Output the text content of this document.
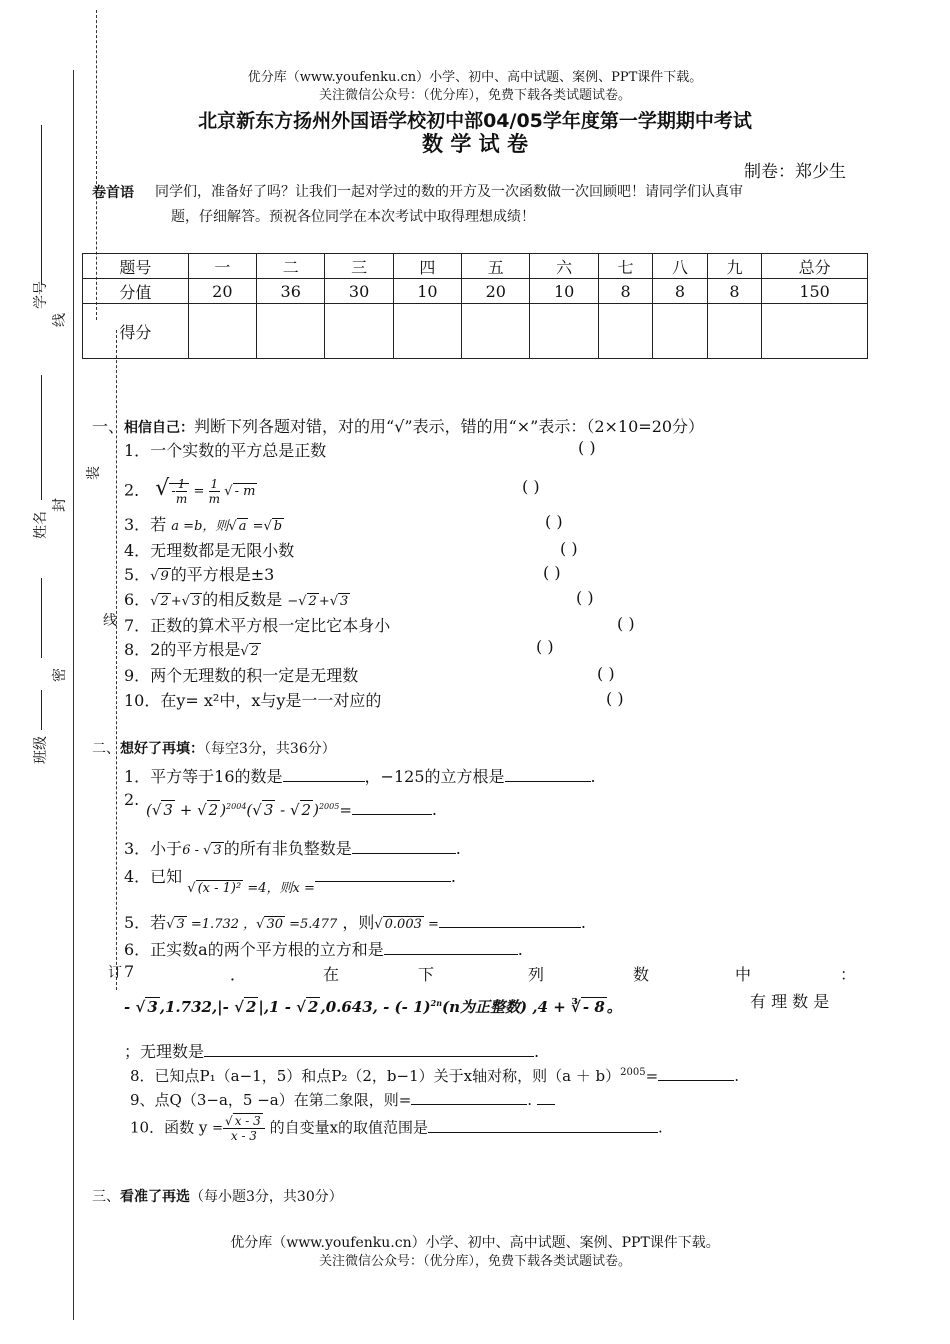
学号
线
装
姓名
封
线
密
班级
订
优分库（www.youfenku.cn）小学、初中、高中试题、案例、PPT课件下载。
关注微信公众号：（优分库），免费下载各类试题试卷。
北京新东方扬州外国语学校初中部04/05学年度第一学期期中考试
数 学 试 卷
制卷：郑少生
卷首语 同学们，准备好了吗？让我们一起对学过的数的开方及一次函数做一次回顾吧！请同学们认真审
题，仔细解答。预祝各位同学在本次考试中取得理想成绩！
题号	一	二	三	四	五	六	七	八	九	总分
分值	20	36	30	10	20	10	8	8	8	150
得分										
一、相信自己：判断下列各题对错，对的用“√”表示，错的用“×”表示：（2×10=20分）
1．一个实数的平方总是正数	( )
2． √ - $\frac{1}{m} = \frac{1}{m}$ √ - m	( )
3．若 a =b，则√ a =√ b	( )
4．无理数都是无限小数	( )
5．√ 9 的平方根是±3	( )
6．√ 2 +√ 3 的相反数是 −√ 2 +√ 3	( )
7．正数的算术平方根一定比它本身小	( )
8．2的平方根是√ 2	( )
9．两个无理数的积一定是无理数	( )
10．在y= x²中，x与y是一一对应的	( )
二、想好了再填：（每空3分，共36分）
1．平方等于16的数是	，−125的立方根是	.
2.
(√ 3 + √ 2 )$^{2004}$(√ 3 - √ 2 )$^{2005}$=	.
3．小于6 - √ 3 的所有非负整数是	.
4．已知 $_{√ (x - 1)^2 =4,则x =}$.
5．若√ 3 =1.732 ，√ 30 =5.477 ，则√ 0.003 =	.
6．正实数a的两个平方根的立方和是	.
7	．	在	下	列	数	中	：
- √ 3 ,1.732,|- √ 2 |,1 - √ 2 ,0.643, - (- 1)$^{2n}$(n为正整数) ,4 + ∛ - 8 。	有 理 数 是
；无理数是	.
8．已知点P₁（a−1，5）和点P₂（2，b−1）关于x轴对称，则$(a + b)^{2005}=$	.
9、点Q（3−a，5 −a）在第二象限，则=	.
10．函数 $y = \frac{√ x - 3}{x - 3}$ 的自变量x的取值范围是	.
三、看准了再选（每小题3分，共30分）
优分库（www.youfenku.cn）小学、初中、高中试题、案例、PPT课件下载。
关注微信公众号：（优分库），免费下载各类试题试卷。
